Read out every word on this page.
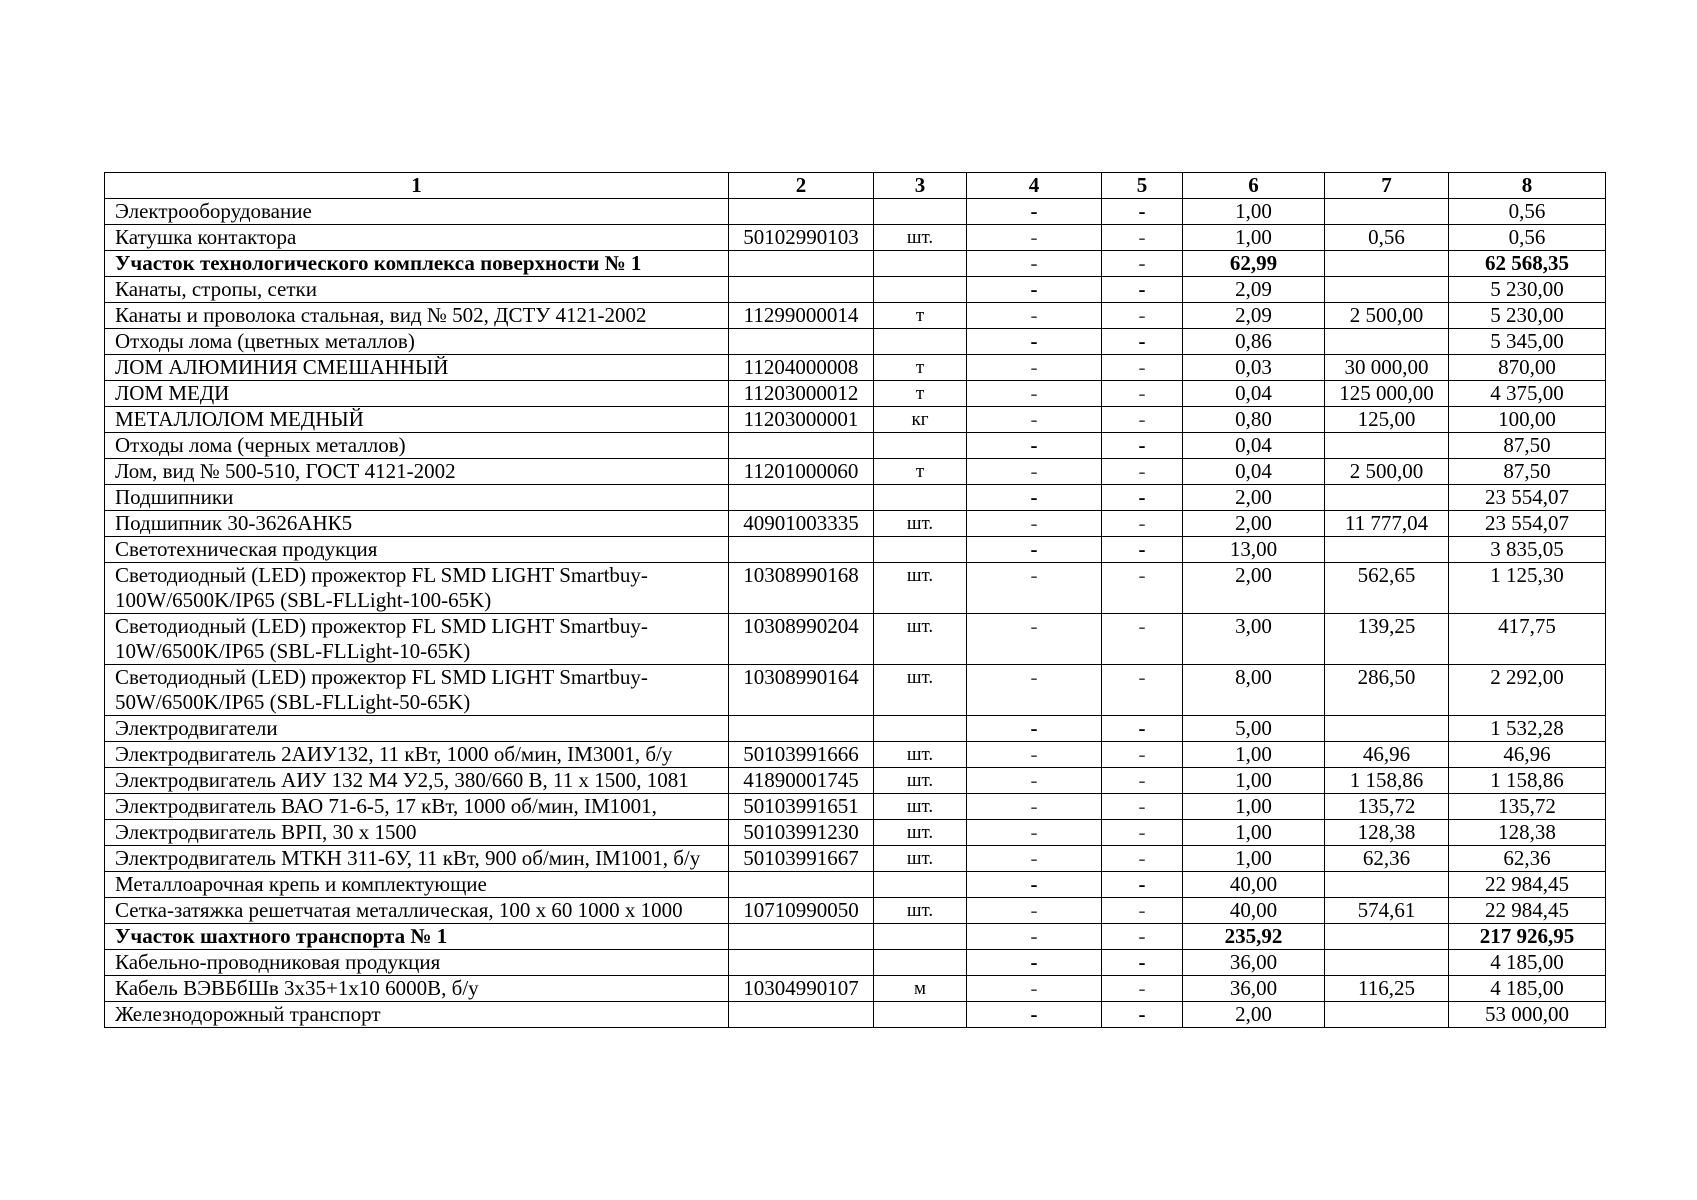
1	2	3	4	5	6	7	8
Электрооборудование			-	-	1,00		0,56
Катушка контактора	50102990103	шт.	-	-	1,00	0,56	0,56
Участок технологического комплекса поверхности № 1			-	-	62,99		62 568,35
Канаты, стропы, сетки			-	-	2,09		5 230,00
Канаты и проволока стальная, вид № 502, ДСТУ 4121-2002	11299000014	т	-	-	2,09	2 500,00	5 230,00
Отходы лома (цветных металлов)			-	-	0,86		5 345,00
ЛОМ АЛЮМИНИЯ СМЕШАННЫЙ	11204000008	т	-	-	0,03	30 000,00	870,00
ЛОМ МЕДИ	11203000012	т	-	-	0,04	125 000,00	4 375,00
МЕТАЛЛОЛОМ МЕДНЫЙ	11203000001	кг	-	-	0,80	125,00	100,00
Отходы лома (черных металлов)			-	-	0,04		87,50
Лом, вид № 500-510, ГОСТ 4121-2002	11201000060	т	-	-	0,04	2 500,00	87,50
Подшипники			-	-	2,00		23 554,07
Подшипник 30-3626АНК5	40901003335	шт.	-	-	2,00	11 777,04	23 554,07
Светотехническая продукция			-	-	13,00		3 835,05
Светодиодный (LED) прожектор FL SMD LIGHT Smartbuy-100W/6500K/IP65 (SBL-FLLight-100-65K)	10308990168	шт.	-	-	2,00	562,65	1 125,30
Светодиодный (LED) прожектор FL SMD LIGHT Smartbuy-10W/6500K/IP65 (SBL-FLLight-10-65K)	10308990204	шт.	-	-	3,00	139,25	417,75
Светодиодный (LED) прожектор FL SMD LIGHT Smartbuy-50W/6500K/IP65 (SBL-FLLight-50-65K)	10308990164	шт.	-	-	8,00	286,50	2 292,00
Электродвигатели			-	-	5,00		1 532,28
Электродвигатель 2АИУ132, 11 кВт, 1000 об/мин, IM3001, б/у	50103991666	шт.	-	-	1,00	46,96	46,96
Электродвигатель АИУ 132 М4 У2,5, 380/660 В, 11 х 1500, 1081	41890001745	шт.	-	-	1,00	1 158,86	1 158,86
Электродвигатель ВАО 71-6-5, 17 кВт, 1000 об/мин, IM1001,	50103991651	шт.	-	-	1,00	135,72	135,72
Электродвигатель ВРП, 30 х 1500	50103991230	шт.	-	-	1,00	128,38	128,38
Электродвигатель МТКН 311-6У, 11 кВт, 900 об/мин, IM1001, б/у	50103991667	шт.	-	-	1,00	62,36	62,36
Металлоарочная крепь и комплектующие			-	-	40,00		22 984,45
Сетка-затяжка решетчатая металлическая, 100 х 60 1000 х 1000	10710990050	шт.	-	-	40,00	574,61	22 984,45
Участок шахтного транспорта № 1			-	-	235,92		217 926,95
Кабельно-проводниковая продукция			-	-	36,00		4 185,00
Кабель ВЭВБбШв 3х35+1х10 6000В, б/у	10304990107	м	-	-	36,00	116,25	4 185,00
Железнодорожный транспорт			-	-	2,00		53 000,00
